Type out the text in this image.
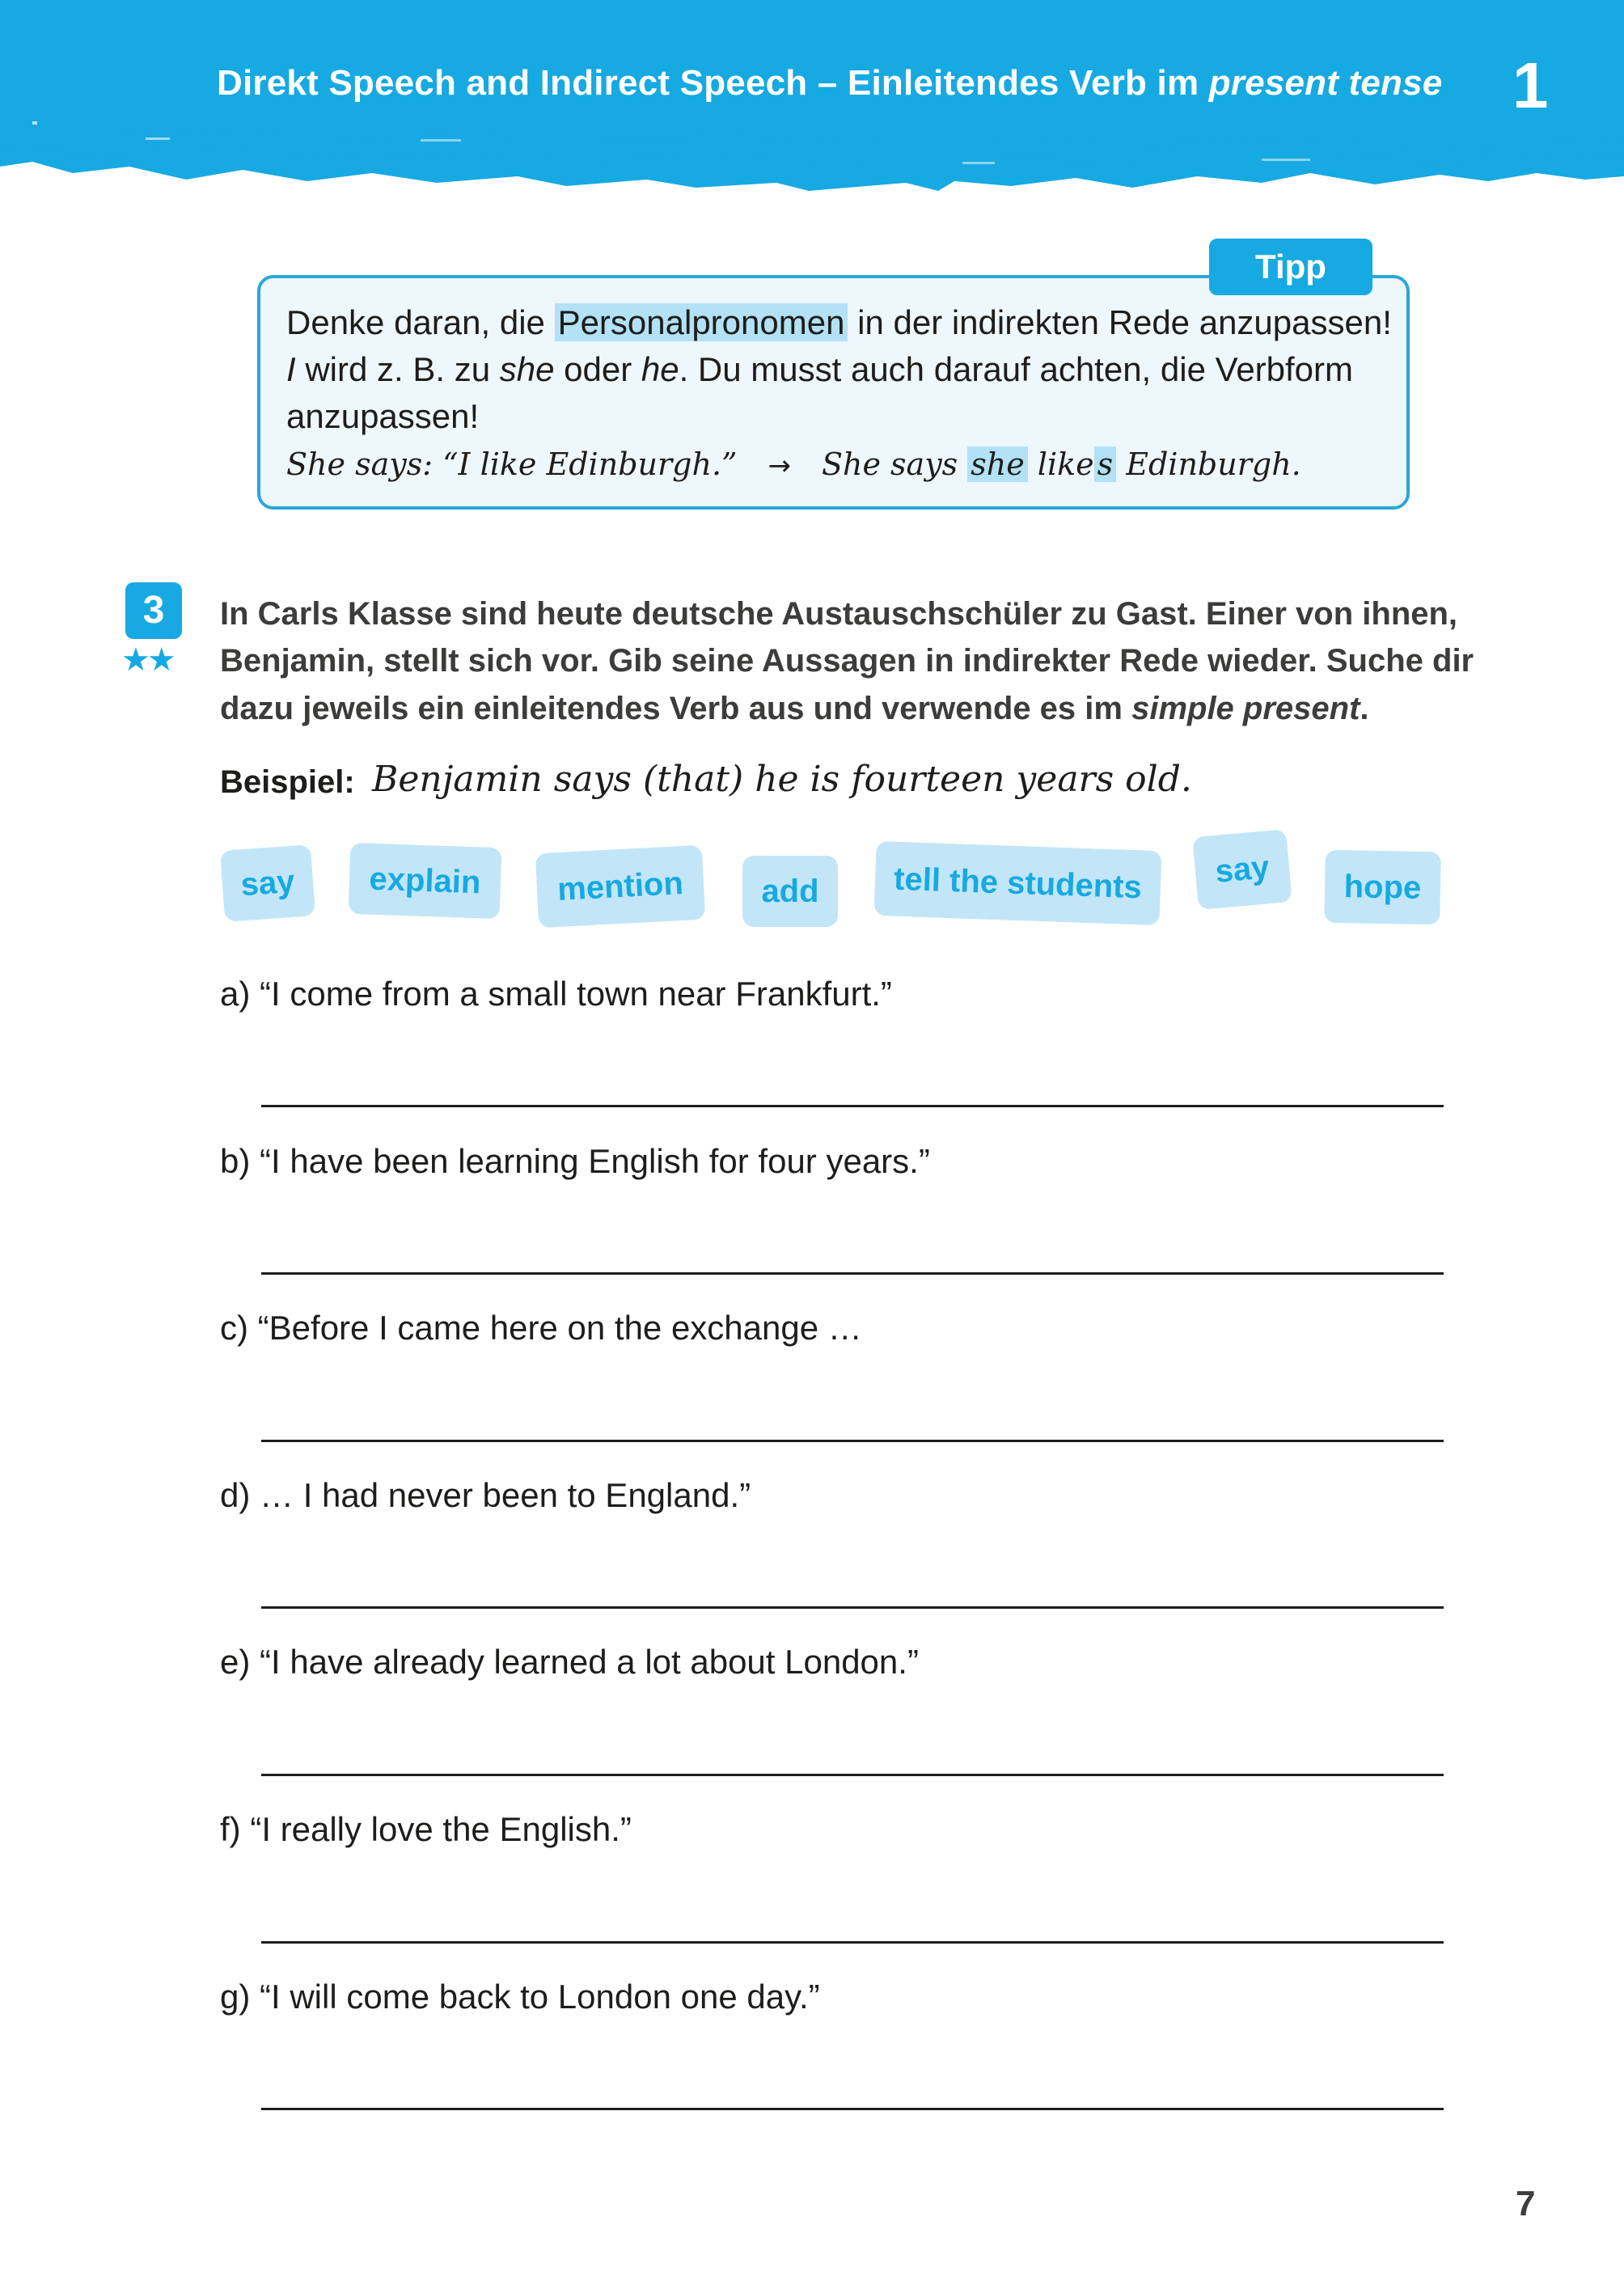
Direkt Speech and Indirect Speech – Einleitendes Verb im present tense	1
Tipp
Denke daran, die Personalpronomen in der indirekten Rede anzupassen!
I wird z. B. zu she oder he. Du musst auch darauf achten, die Verbform
anzupassen!
She says: “I like Edinburgh.” → She says she like s Edinburgh.
3
★★
In Carls Klasse sind heute deutsche Austauschschüler zu Gast. Einer von ihnen,
Benjamin, stellt sich vor. Gib seine Aussagen in indirekter Rede wieder. Suche dir
dazu jeweils ein einleitendes Verb aus und verwende es im simple present.
Beispiel: Benjamin says (that) he is fourteen years old.
say	explain	mention	add	tell the students	say	hope
a) “I come from a small town near Frankfurt.”
b) “I have been learning English for four years.”
c) “Before I came here on the exchange …
d) … I had never been to England.”
e) “I have already learned a lot about London.”
f) “I really love the English.”
g) “I will come back to London one day.”
7
